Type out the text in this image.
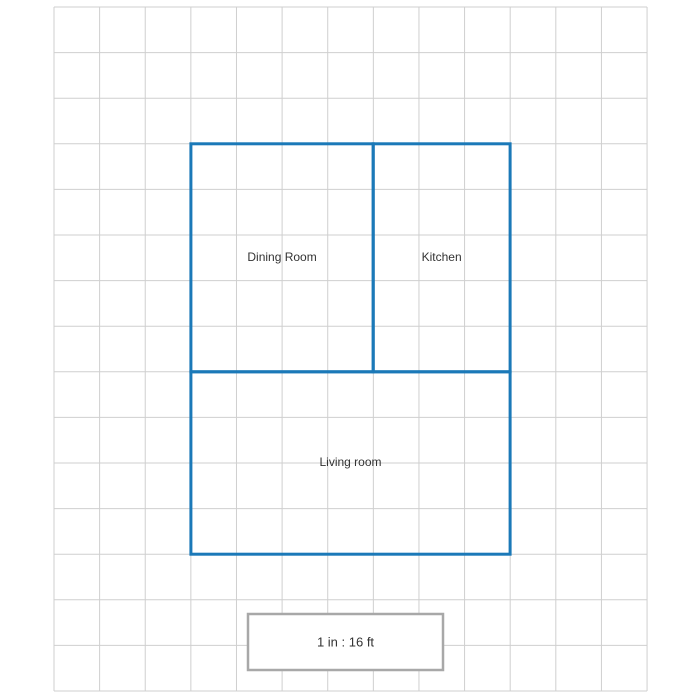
Dining Room	Kitchen
Living room
1 in : 16 ft
